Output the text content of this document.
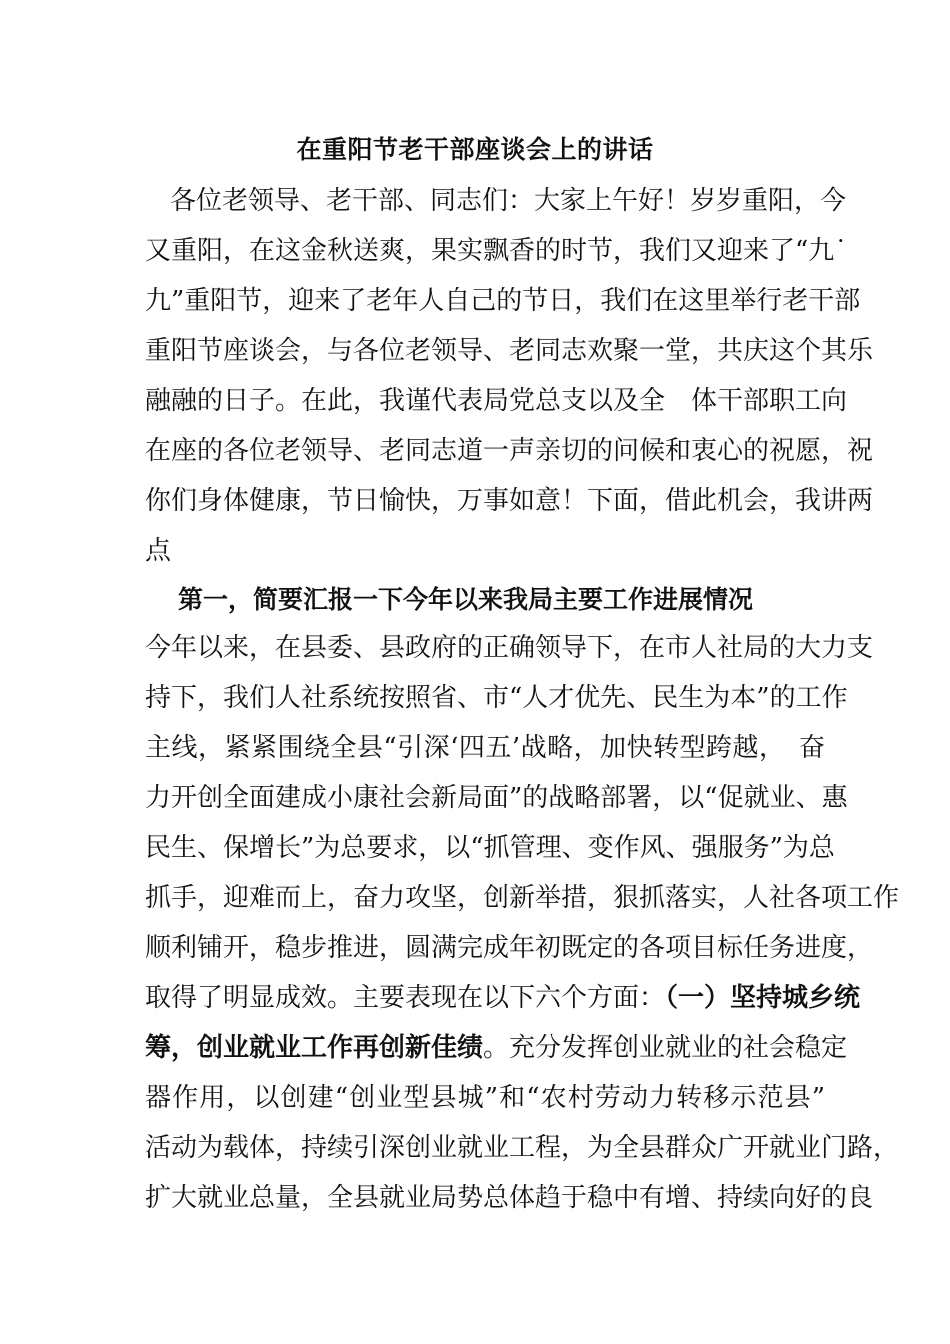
在重阳节老干部座谈会上的讲话
各位老领导、老干部、同志们：大家上午好！岁岁重阳，今
又重阳，在这金秋送爽，果实飘香的时节，我们又迎来了“九˙
九”重阳节，迎来了老年人自己的节日，我们在这里举行老干部
重阳节座谈会，与各位老领导、老同志欢聚一堂，共庆这个其乐
融融的日子。在此，我谨代表局党总支以及全　体干部职工向
在座的各位老领导、老同志道一声亲切的问候和衷心的祝愿，祝
你们身体健康，节日愉快，万事如意！下面，借此机会，我讲两
点
第一，简要汇报一下今年以来我局主要工作进展情况
今年以来，在县委、县政府的正确领导下，在市人社局的大力支
持下，我们人社系统按照省、市“人才优先、民生为本”的工作
主线，紧紧围绕全县“引深‘四五’战略，加快转型跨越，　奋
力开创全面建成小康社会新局面”的战略部署，以“促就业、惠
民生、保增长”为总要求，以“抓管理、变作风、强服务”为总
抓手，迎难而上，奋力攻坚，创新举措，狠抓落实，人社各项工作
顺利铺开，稳步推进，圆满完成年初既定的各项目标任务进度，
取得了明显成效。主要表现在以下六个方面：（一）坚持城乡统
筹，创业就业工作再创新佳绩。充分发挥创业就业的社会稳定
器作用，以创建“创业型县城”和“农村劳动力转移示范县”
活动为载体，持续引深创业就业工程，为全县群众广开就业门路，
扩大就业总量，全县就业局势总体趋于稳中有增、持续向好的良
